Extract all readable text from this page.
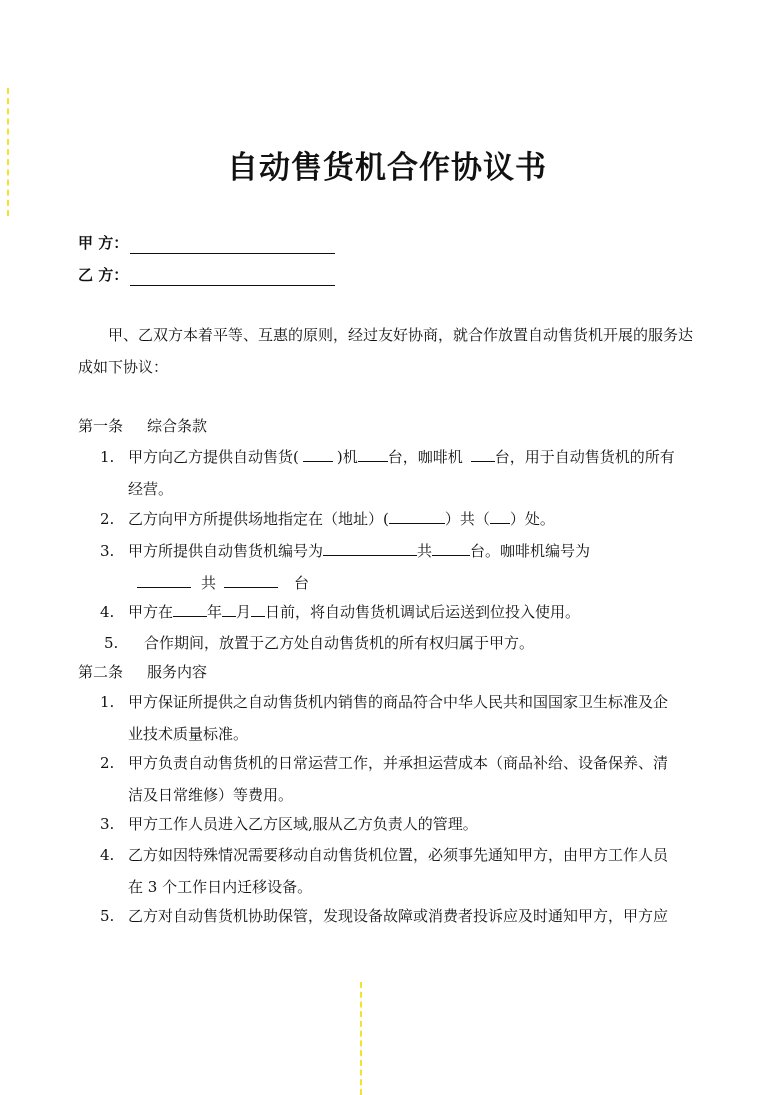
自动售货机合作协议书
甲 方：
乙 方：
甲、乙双方本着平等、互惠的原则，经过友好协商，就合作放置自动售货机开展的服务达成如下协议：
第一条 综合条款
1. 甲方向乙方提供自动售货(	)机 台，咖啡机 台，用于自动售货机的所有
经营。
2. 乙方向甲方所提供场地指定在（地址）(	）共（ ）处。
3. 甲方所提供自动售货机编号为	共	台。咖啡机编号为
共	台
4. 甲方在 年 月 日前，将自动售货机调试后运送到位投入使用。
5.	合作期间，放置于乙方处自动售货机的所有权归属于甲方。
第二条 服务内容
1. 甲方保证所提供之自动售货机内销售的商品符合中华人民共和国国家卫生标准及企
业技术质量标准。
2. 甲方负责自动售货机的日常运营工作，并承担运营成本（商品补给、设备保养、清
洁及日常维修）等费用。
3. 甲方工作人员进入乙方区域,服从乙方负责人的管理。
4. 乙方如因特殊情况需要移动自动售货机位置，必须事先通知甲方，由甲方工作人员
在 3 个工作日内迁移设备。
5. 乙方对自动售货机协助保管，发现设备故障或消费者投诉应及时通知甲方，甲方应
